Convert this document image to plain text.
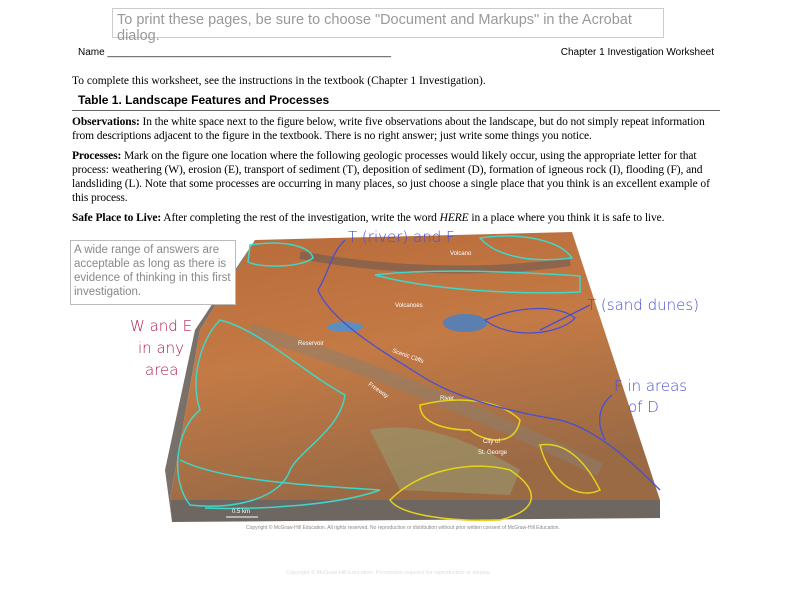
To print these pages, be sure to choose "Document and Markups" in the Acrobat dialog.
Name ___________________________________________________	Chapter 1 Investigation Worksheet
To complete this worksheet, see the instructions in the textbook (Chapter 1 Investigation).
Table 1. Landscape Features and Processes
Observations: In the white space next to the figure below, write five observations about the landscape, but do not simply repeat information from descriptions adjacent to the figure in the textbook. There is no right answer; just write some things you notice.
Processes: Mark on the figure one location where the following geologic processes would likely occur, using the appropriate letter for that process: weathering (W), erosion (E), transport of sediment (T), deposition of sediment (D), formation of igneous rock (I), flooding (F), and landsliding (L). Note that some processes are occurring in many places, so just choose a single place that you think is an excellent example of this process.
Safe Place to Live: After completing the rest of the investigation, write the word HERE in a place where you think it is safe to live.
Volcano
Volcanoes
Reservoir
Scenic Cliffs
Freeway	River
City of
St. George
0.5 km
A wide range of answers are acceptable as long as there is evidence of thinking in this first investigation.
T (river) and F
T (sand dunes)
F in areas
of D
W and E
in any
area
Copyright © McGraw-Hill Education. All rights reserved. No reproduction or distribution without prior written consent of McGraw-Hill Education.
Copyright © McGraw-Hill Education. Permission required for reproduction or display.
